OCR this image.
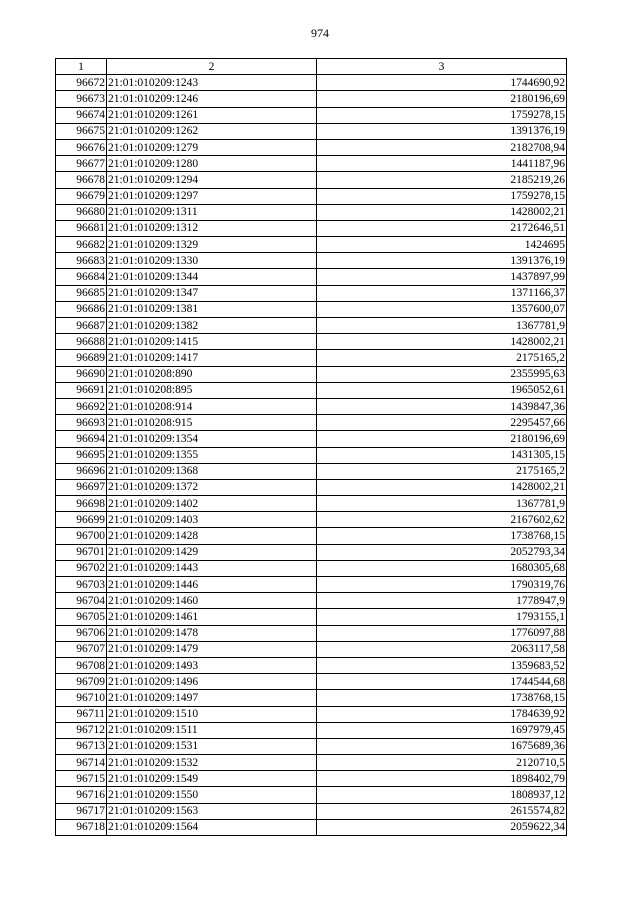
974
1	2	3
96672	21:01:010209:1243	1744690,92
96673	21:01:010209:1246	2180196,69
96674	21:01:010209:1261	1759278,15
96675	21:01:010209:1262	1391376,19
96676	21:01:010209:1279	2182708,94
96677	21:01:010209:1280	1441187,96
96678	21:01:010209:1294	2185219,26
96679	21:01:010209:1297	1759278,15
96680	21:01:010209:1311	1428002,21
96681	21:01:010209:1312	2172646,51
96682	21:01:010209:1329	1424695
96683	21:01:010209:1330	1391376,19
96684	21:01:010209:1344	1437897,99
96685	21:01:010209:1347	1371166,37
96686	21:01:010209:1381	1357600,07
96687	21:01:010209:1382	1367781,9
96688	21:01:010209:1415	1428002,21
96689	21:01:010209:1417	2175165,2
96690	21:01:010208:890	2355995,63
96691	21:01:010208:895	1965052,61
96692	21:01:010208:914	1439847,36
96693	21:01:010208:915	2295457,66
96694	21:01:010209:1354	2180196,69
96695	21:01:010209:1355	1431305,15
96696	21:01:010209:1368	2175165,2
96697	21:01:010209:1372	1428002,21
96698	21:01:010209:1402	1367781,9
96699	21:01:010209:1403	2167602,62
96700	21:01:010209:1428	1738768,15
96701	21:01:010209:1429	2052793,34
96702	21:01:010209:1443	1680305,68
96703	21:01:010209:1446	1790319,76
96704	21:01:010209:1460	1778947,9
96705	21:01:010209:1461	1793155,1
96706	21:01:010209:1478	1776097,88
96707	21:01:010209:1479	2063117,58
96708	21:01:010209:1493	1359683,52
96709	21:01:010209:1496	1744544,68
96710	21:01:010209:1497	1738768,15
96711	21:01:010209:1510	1784639,92
96712	21:01:010209:1511	1697979,45
96713	21:01:010209:1531	1675689,36
96714	21:01:010209:1532	2120710,5
96715	21:01:010209:1549	1898402,79
96716	21:01:010209:1550	1808937,12
96717	21:01:010209:1563	2615574,82
96718	21:01:010209:1564	2059622,34
